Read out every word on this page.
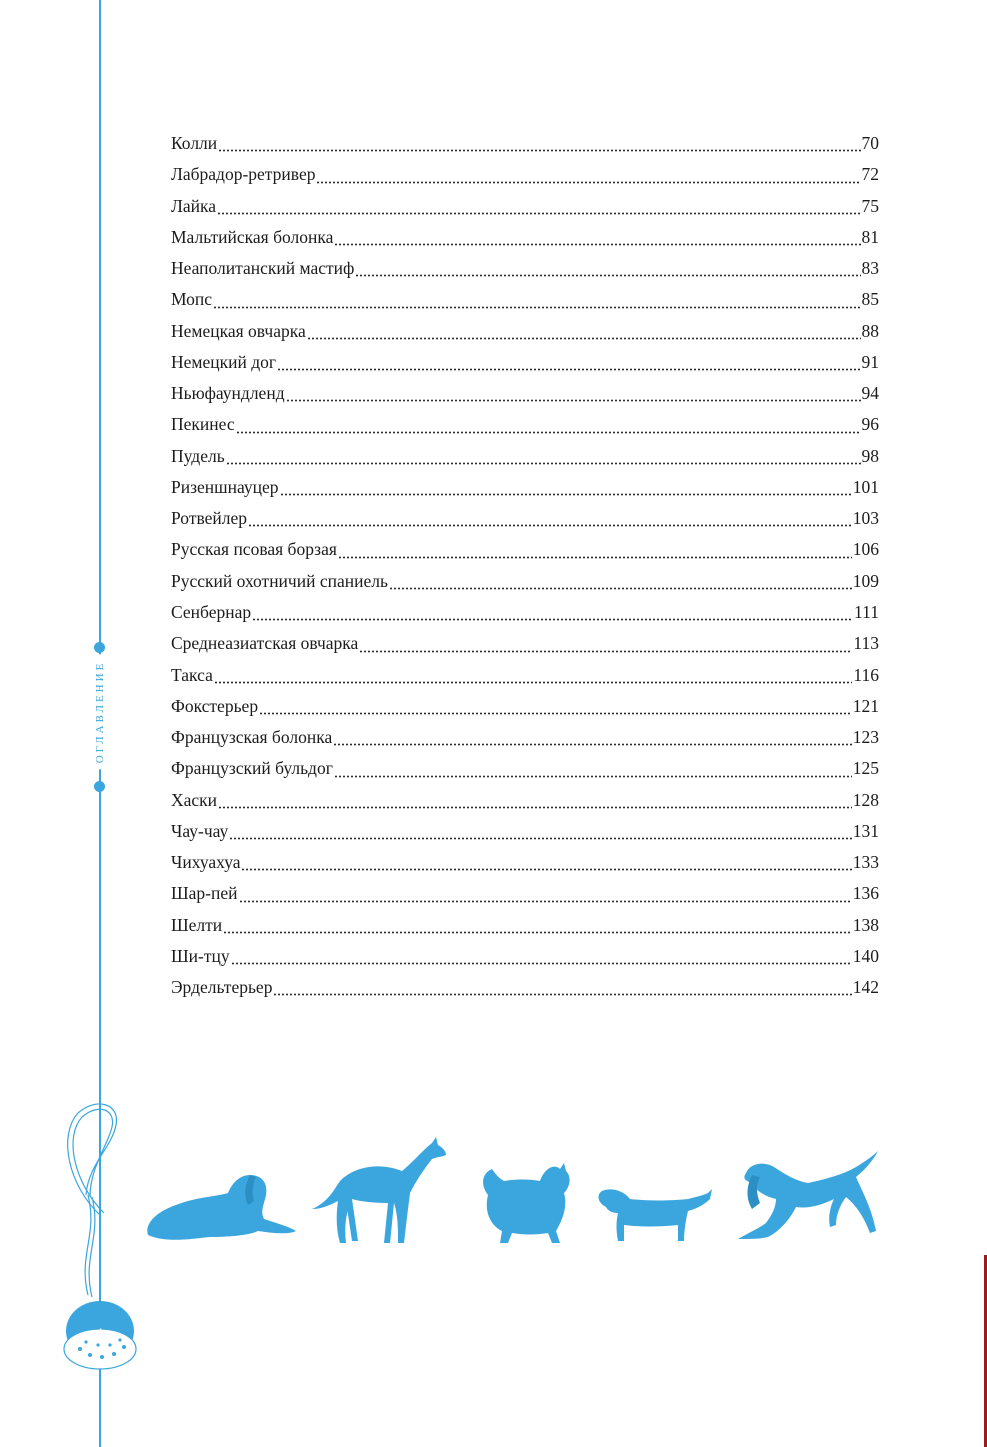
ОГЛАВЛЕНИЕ
4
Колли	70
Лабрадор-ретривер	72
Лайка	75
Мальтийская болонка	81
Неаполитанский мастиф	83
Мопс	85
Немецкая овчарка	88
Немецкий дог	91
Ньюфаундленд	94
Пекинес	96
Пудель	98
Ризеншнауцер	101
Ротвейлер	103
Русская псовая борзая	106
Русский охотничий спаниель	109
Сенбернар	111
Среднеазиатская овчарка	113
Такса	116
Фокстерьер	121
Французская болонка	123
Французский бульдог	125
Хаски	128
Чау-чау	131
Чихуахуа	133
Шар-пей	136
Шелти	138
Ши-тцу	140
Эрдельтерьер	142
